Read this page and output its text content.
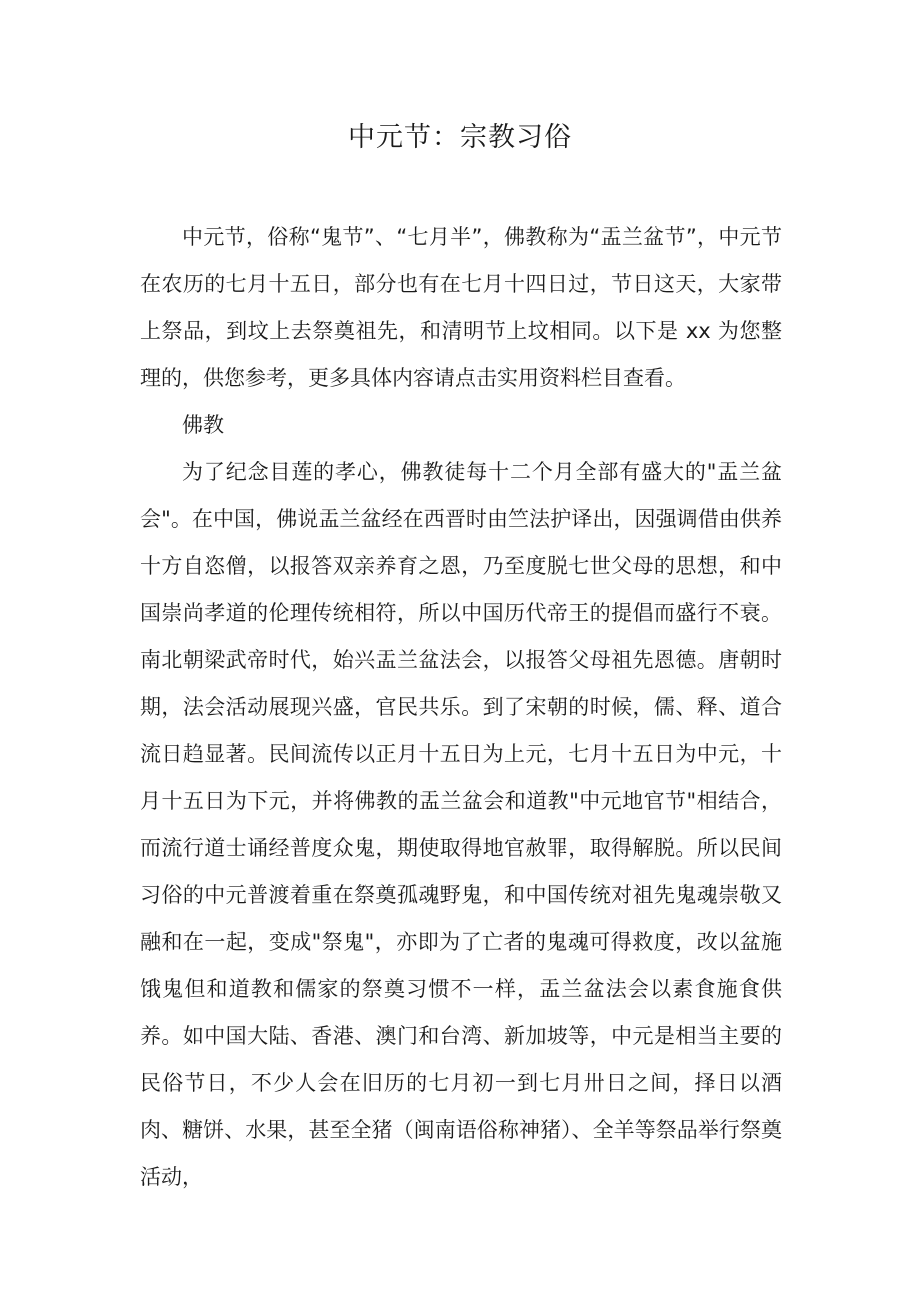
中元节：宗教习俗

中元节，俗称“鬼节”、“七月半”，佛教称为“盂兰盆节”，中元节在农历的七月十五日，部分也有在七月十四日过，节日这天，大家带上祭品，到坟上去祭奠祖先，和清明节上坟相同。以下是 xx 为您整理的，供您参考，更多具体内容请点击实用资料栏目查看。

佛教

为了纪念目莲的孝心，佛教徒每十二个月全部有盛大的"盂兰盆会"。在中国，佛说盂兰盆经在西晋时由竺法护译出，因强调借由供养十方自恣僧，以报答双亲养育之恩，乃至度脱七世父母的思想，和中国崇尚孝道的伦理传统相符，所以中国历代帝王的提倡而盛行不衰。南北朝梁武帝时代，始兴盂兰盆法会，以报答父母祖先恩德。唐朝时期，法会活动展现兴盛，官民共乐。到了宋朝的时候，儒、释、道合流日趋显著。民间流传以正月十五日为上元，七月十五日为中元，十月十五日为下元，并将佛教的盂兰盆会和道教"中元地官节"相结合，而流行道士诵经普度众鬼，期使取得地官赦罪，取得解脱。所以民间习俗的中元普渡着重在祭奠孤魂野鬼，和中国传统对祖先鬼魂崇敬又融和在一起，变成"祭鬼"，亦即为了亡者的鬼魂可得救度，改以盆施饿鬼但和道教和儒家的祭奠习惯不一样，盂兰盆法会以素食施食供养。如中国大陆、香港、澳门和台湾、新加坡等，中元是相当主要的民俗节日，不少人会在旧历的七月初一到七月卅日之间，择日以酒肉、糖饼、水果，甚至全猪（闽南语俗称神猪）、全羊等祭品举行祭奠活动，
